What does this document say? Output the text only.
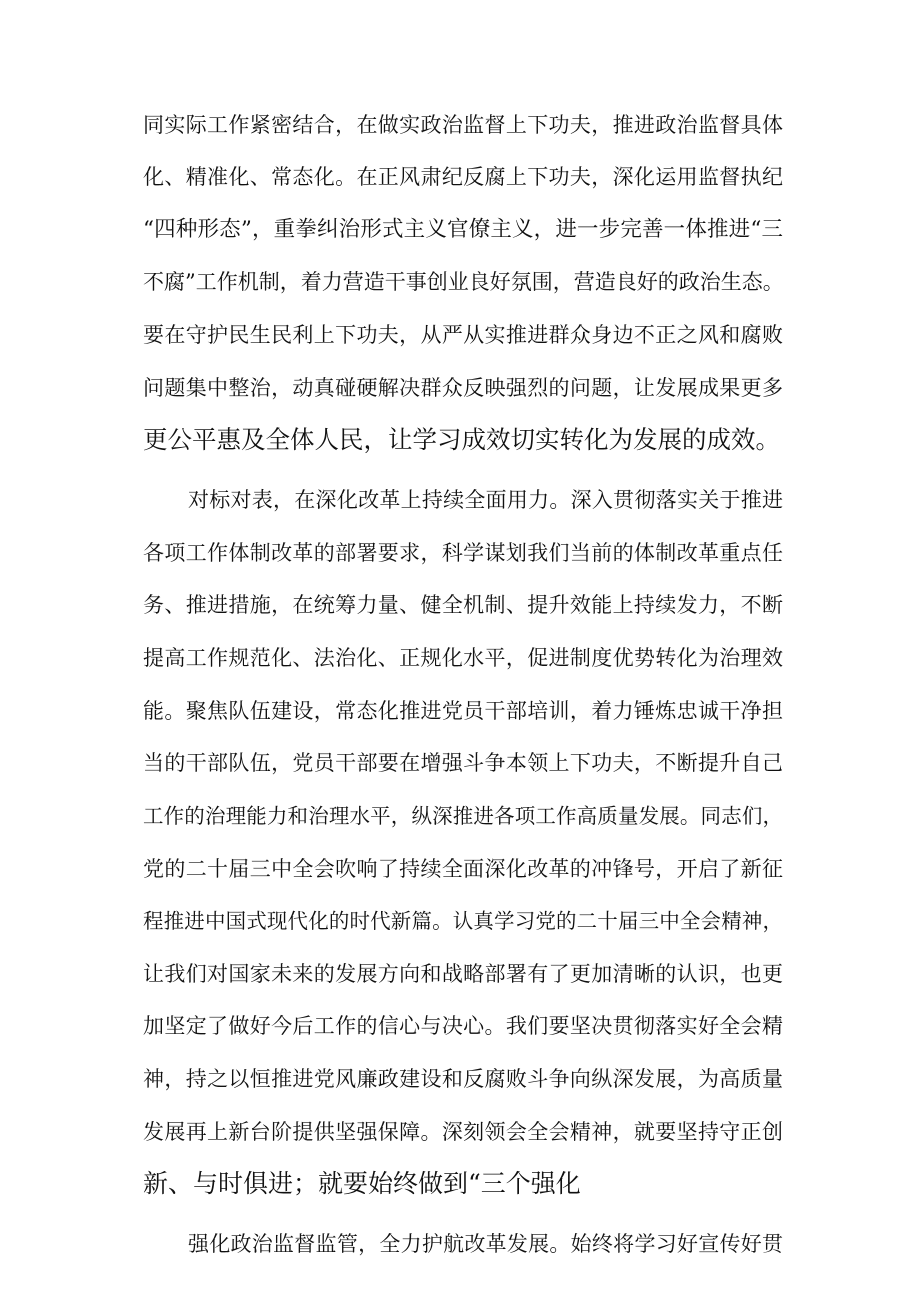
同实际工作紧密结合，在做实政治监督上下功夫，推进政治监督具体
化、精准化、常态化。在正风肃纪反腐上下功夫，深化运用监督执纪
“四种形态”，重拳纠治形式主义官僚主义，进一步完善一体推进“三
不腐”工作机制，着力营造干事创业良好氛围，营造良好的政治生态。
要在守护民生民利上下功夫，从严从实推进群众身边不正之风和腐败
问题集中整治，动真碰硬解决群众反映强烈的问题，让发展成果更多
更公平惠及全体人民，让学习成效切实转化为发展的成效。
对标对表，在深化改革上持续全面用力。深入贯彻落实关于推进
各项工作体制改革的部署要求，科学谋划我们当前的体制改革重点任
务、推进措施，在统筹力量、健全机制、提升效能上持续发力，不断
提高工作规范化、法治化、正规化水平，促进制度优势转化为治理效
能。聚焦队伍建设，常态化推进党员干部培训，着力锤炼忠诚干净担
当的干部队伍，党员干部要在增强斗争本领上下功夫，不断提升自己
工作的治理能力和治理水平，纵深推进各项工作高质量发展。同志们，
党的二十届三中全会吹响了持续全面深化改革的冲锋号，开启了新征
程推进中国式现代化的时代新篇。认真学习党的二十届三中全会精神，
让我们对国家未来的发展方向和战略部署有了更加清晰的认识，也更
加坚定了做好今后工作的信心与决心。我们要坚决贯彻落实好全会精
神，持之以恒推进党风廉政建设和反腐败斗争向纵深发展，为高质量
发展再上新台阶提供坚强保障。深刻领会全会精神，就要坚持守正创
新、与时俱进；就要始终做到“三个强化
强化政治监督监管，全力护航改革发展。始终将学习好宣传好贯
